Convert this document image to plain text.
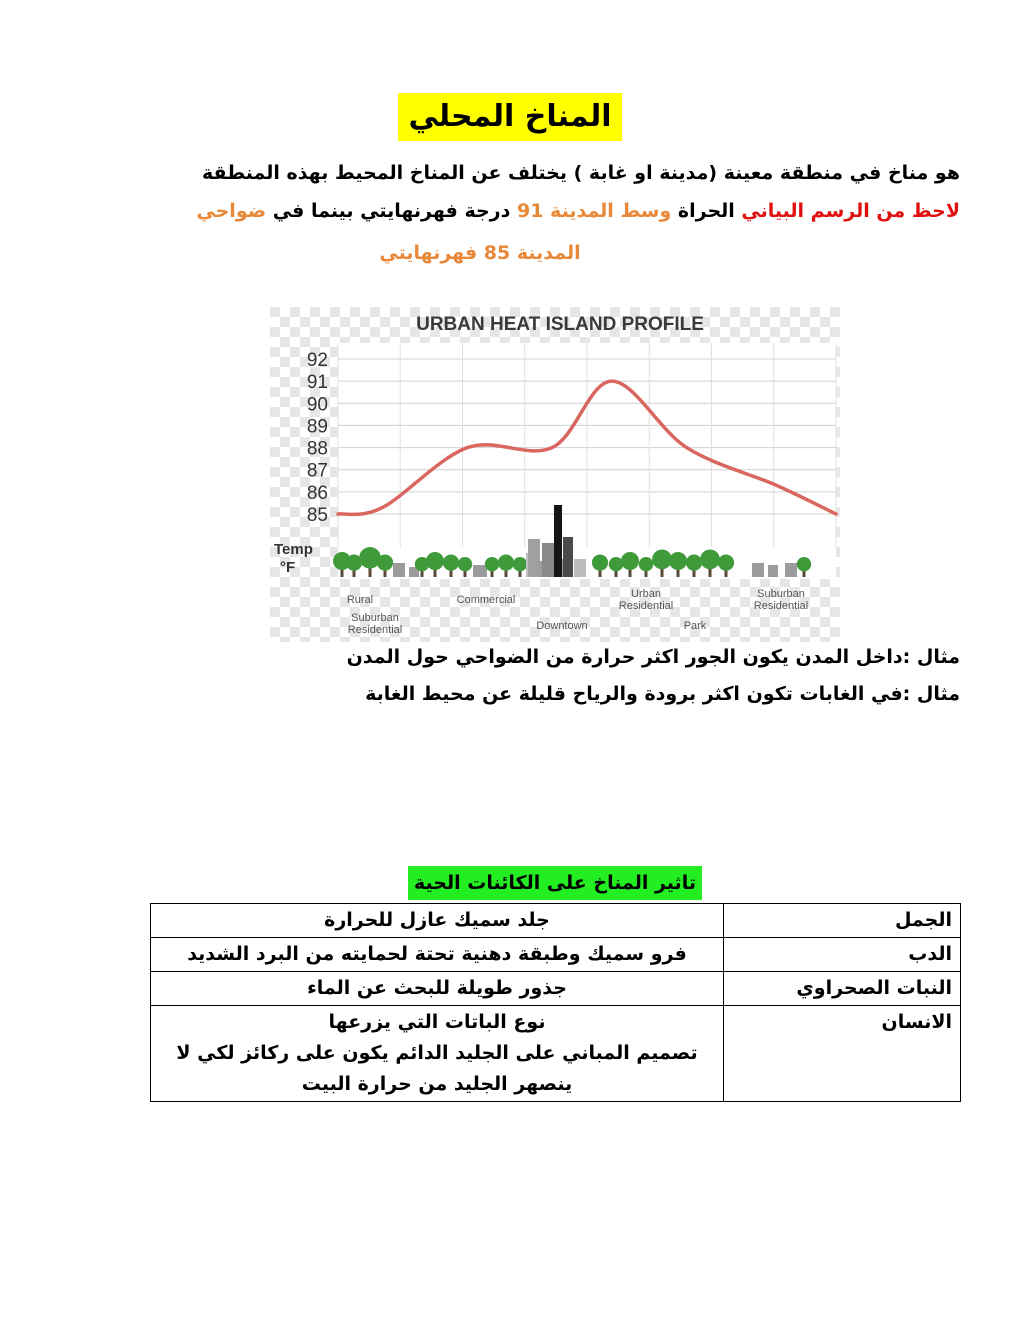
المناخ المحلي
هو مناخ في منطقة معينة (مدينة او غابة ) يختلف عن المناخ المحيط بهذه المنطقة
لاحظ من الرسم البياني الحراة وسط المدينة 91 درجة فهرنهايتي بينما في ضواحي
المدينة 85 فهرنهايتي
URBAN HEAT ISLAND PROFILE
92
91
90
89
88
87
86
85
Temp
°F
Rural
Suburban
Residential
Commercial
Downtown
Urban
Residential
Park
Suburban
Residential
مثال :داخل المدن يكون الجور اكثر حرارة من الضواحي حول المدن
مثال :في الغابات تكون اكثر برودة والرياح قليلة عن محيط الغابة
تاثير المناخ على الكائنات الحية
الجمل	جلد سميك عازل للحرارة

الدب	فرو سميك وطبقة دهنية تحتة لحمايته من البرد الشديد

النبات الصحراوي	جذور طويلة للبحث عن الماء

الانسان	نوع الباتات التي يزرعها
تصميم المباني على الجليد الدائم يكون على ركائز لكي لا
ينصهر الجليد من حرارة البيت
